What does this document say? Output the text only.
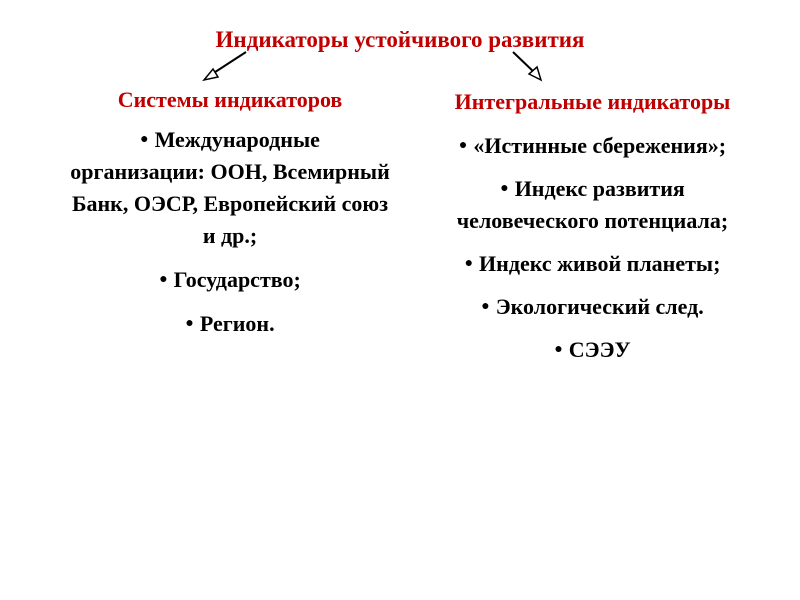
Индикаторы устойчивого развития
Системы индикаторов
● Международные организации: ООН, Всемирный Банк, ОЭСР, Европейский союз и др.;
● Государство;
● Регион.
Интегральные индикаторы
● «Истинные сбережения»;
● Индекс развития человеческого потенциала;
● Индекс живой планеты;
● Экологический след.
● СЭЭУ
